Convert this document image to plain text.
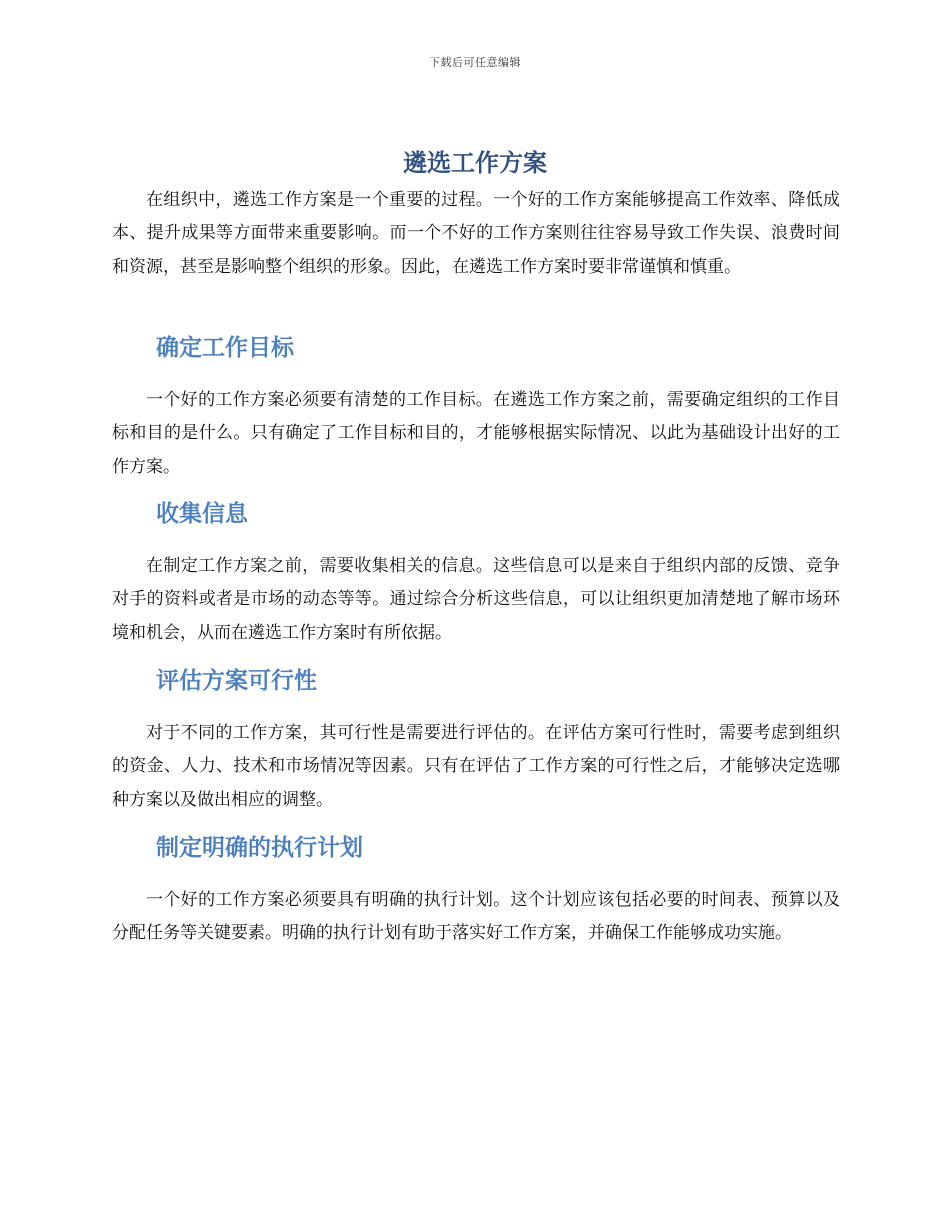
下载后可任意编辑
遴选工作方案

在组织中，遴选工作方案是一个重要的过程。一个好的工作方案能够提高工作效率、降低成本、提升成果等方面带来重要影响。而一个不好的工作方案则往往容易导致工作失误、浪费时间和资源，甚至是影响整个组织的形象。因此，在遴选工作方案时要非常谨慎和慎重。

确定工作目标

一个好的工作方案必须要有清楚的工作目标。在遴选工作方案之前，需要确定组织的工作目标和目的是什么。只有确定了工作目标和目的，才能够根据实际情况、以此为基础设计出好的工作方案。

收集信息

在制定工作方案之前，需要收集相关的信息。这些信息可以是来自于组织内部的反馈、竞争对手的资料或者是市场的动态等等。通过综合分析这些信息，可以让组织更加清楚地了解市场环境和机会，从而在遴选工作方案时有所依据。

评估方案可行性

对于不同的工作方案，其可行性是需要进行评估的。在评估方案可行性时，需要考虑到组织的资金、人力、技术和市场情况等因素。只有在评估了工作方案的可行性之后，才能够决定选哪种方案以及做出相应的调整。

制定明确的执行计划

一个好的工作方案必须要具有明确的执行计划。这个计划应该包括必要的时间表、预算以及分配任务等关键要素。明确的执行计划有助于落实好工作方案，并确保工作能够成功实施。
